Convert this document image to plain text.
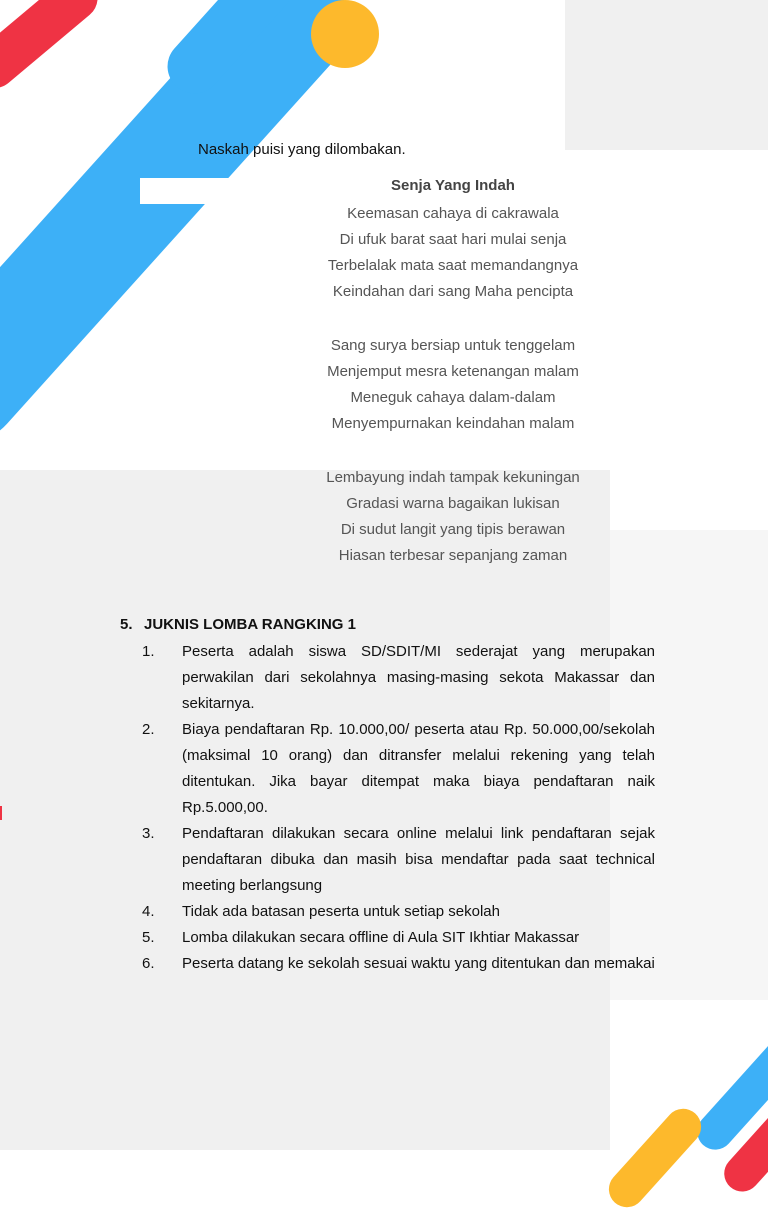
Naskah puisi yang dilombakan.

Senja Yang Indah
Keemasan cahaya di cakrawala
Di ufuk barat saat hari mulai senja
Terbelalak mata saat memandangnya
Keindahan dari sang Maha pencipta
Sang surya bersiap untuk tenggelam
Menjemput mesra ketenangan malam
Meneguk cahaya dalam-dalam
Menyempurnakan keindahan malam
Lembayung indah tampak kekuningan
Gradasi warna bagaikan lukisan
Di sudut langit yang tipis berawan
Hiasan terbesar sepanjang zaman
5. JUKNIS LOMBA RANGKING 1
1. Peserta adalah siswa SD/SDIT/MI sederajat yang merupakan perwakilan dari sekolahnya masing-masing sekota Makassar dan sekitarnya.
2. Biaya pendaftaran Rp. 10.000,00/ peserta atau Rp. 50.000,00/sekolah (maksimal 10 orang) dan ditransfer melalui rekening yang telah ditentukan. Jika bayar ditempat maka biaya pendaftaran naik Rp.5.000,00.
3. Pendaftaran dilakukan secara online melalui link pendaftaran sejak pendaftaran dibuka dan masih bisa mendaftar pada saat technical meeting berlangsung
4. Tidak ada batasan peserta untuk setiap sekolah
5. Lomba dilakukan secara offline di Aula SIT Ikhtiar Makassar
6. Peserta datang ke sekolah sesuai waktu yang ditentukan dan memakai
